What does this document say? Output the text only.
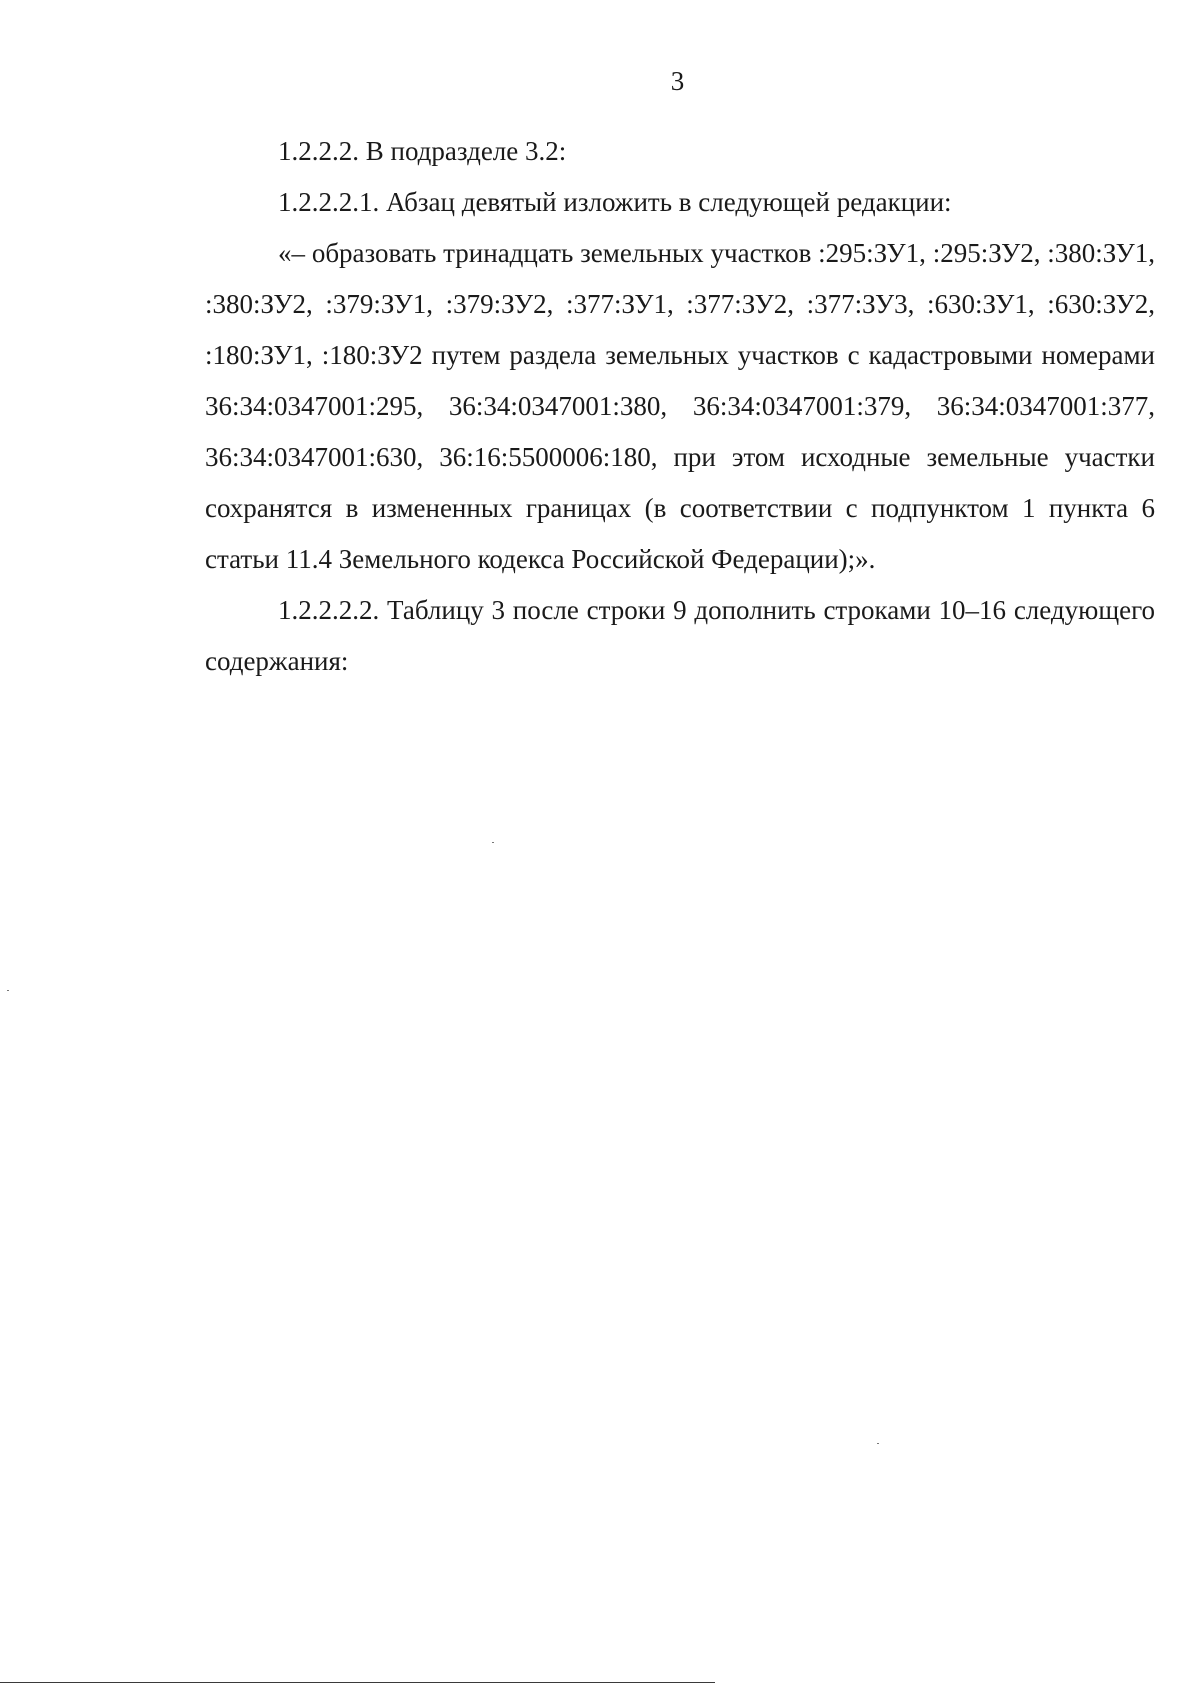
3

1.2.2.2. В подразделе 3.2:

1.2.2.2.1. Абзац девятый изложить в следующей редакции:

«– образовать тринадцать земельных участков :295:ЗУ1, :295:ЗУ2, :380:ЗУ1, :380:ЗУ2, :379:ЗУ1, :379:ЗУ2, :377:ЗУ1, :377:ЗУ2, :377:ЗУ3, :630:ЗУ1, :630:ЗУ2, :180:ЗУ1, :180:ЗУ2 путем раздела земельных участков с кадастровыми номерами 36:34:0347001:295, 36:34:0347001:380, 36:34:0347001:379, 36:34:0347001:377, 36:34:0347001:630, 36:16:5500006:180, при этом исходные земельные участки сохранятся в измененных границах (в соответствии с подпунктом 1 пункта 6 статьи 11.4 Земельного кодекса Российской Федерации);».

1.2.2.2.2. Таблицу 3 после строки 9 дополнить строками 10–16 следующего содержания:
